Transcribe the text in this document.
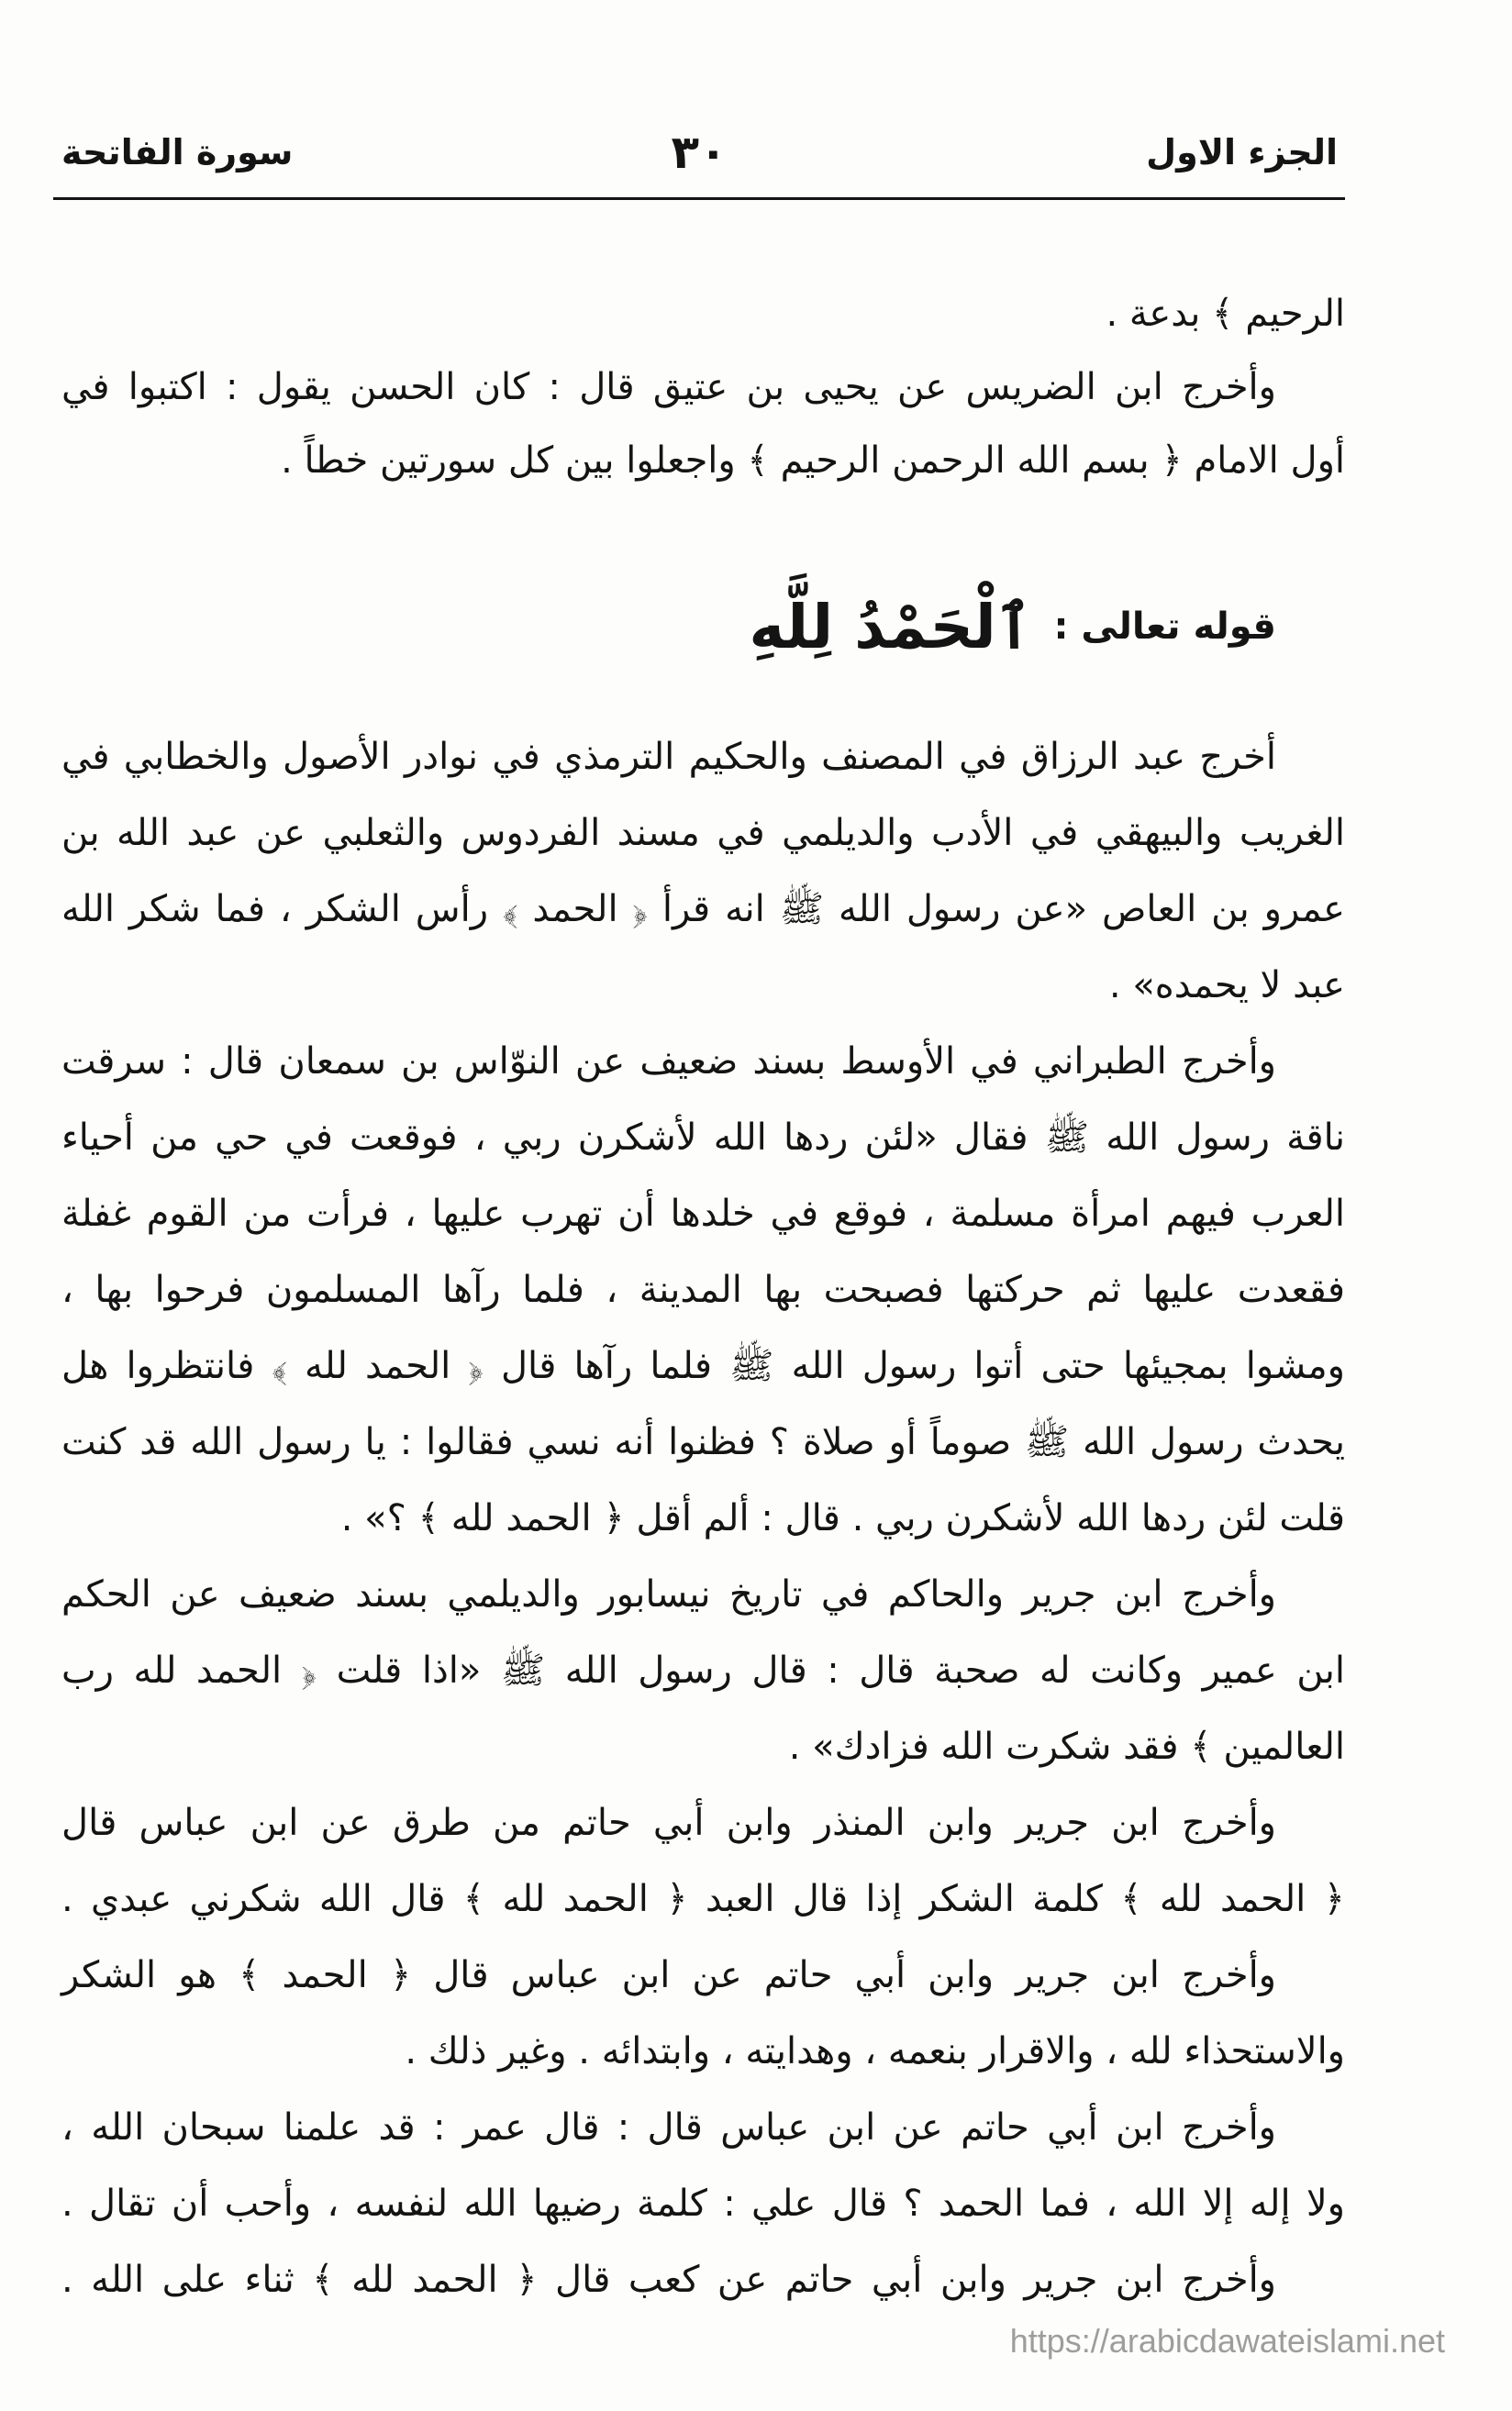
الجزء الاول
٣٠
سورة الفاتحة
الرحيم ﴾ بدعة .
وأخرج ابن الضريس عن يحيى بن عتيق قال : كان الحسن يقول : اكتبوا في
أول الامام ﴿ بسم الله الرحمن الرحيم ﴾ واجعلوا بين كل سورتين خطاً .
قوله تعالى :
ٱلْحَمْدُ لِلَّهِ
أخرج عبد الرزاق في المصنف والحكيم الترمذي في نوادر الأصول والخطابي في
الغريب والبيهقي في الأدب والديلمي في مسند الفردوس والثعلبي عن عبد الله بن
عمرو بن العاص «عن رسول الله ﷺ انه قرأ ﴿ الحمد ﴾ رأس الشكر ، فما شكر الله
عبد لا يحمده» .
وأخرج الطبراني في الأوسط بسند ضعيف عن النوّاس بن سمعان قال : سرقت
ناقة رسول الله ﷺ فقال «لئن ردها الله لأشكرن ربي ، فوقعت في حي من أحياء
العرب فيهم امرأة مسلمة ، فوقع في خلدها أن تهرب عليها ، فرأت من القوم غفلة
فقعدت عليها ثم حركتها فصبحت بها المدينة ، فلما رآها المسلمون فرحوا بها ،
ومشوا بمجيئها حتى أتوا رسول الله ﷺ فلما رآها قال ﴿ الحمد لله ﴾ فانتظروا هل
يحدث رسول الله ﷺ صوماً أو صلاة ؟ فظنوا أنه نسي فقالوا : يا رسول الله قد كنت
قلت لئن ردها الله لأشكرن ربي . قال : ألم أقل ﴿ الحمد لله ﴾ ؟» .
وأخرج ابن جرير والحاكم في تاريخ نيسابور والديلمي بسند ضعيف عن الحكم
ابن عمير وكانت له صحبة قال : قال رسول الله ﷺ «اذا قلت ﴿ الحمد لله رب
العالمين ﴾ فقد شكرت الله فزادك» .
وأخرج ابن جرير وابن المنذر وابن أبي حاتم من طرق عن ابن عباس قال
﴿ الحمد لله ﴾ كلمة الشكر إذا قال العبد ﴿ الحمد لله ﴾ قال الله شكرني عبدي .
وأخرج ابن جرير وابن أبي حاتم عن ابن عباس قال ﴿ الحمد ﴾ هو الشكر
والاستحذاء لله ، والاقرار بنعمه ، وهدايته ، وابتدائه . وغير ذلك .
وأخرج ابن أبي حاتم عن ابن عباس قال : قال عمر : قد علمنا سبحان الله ،
ولا إله إلا الله ، فما الحمد ؟ قال علي : كلمة رضيها الله لنفسه ، وأحب أن تقال .
وأخرج ابن جرير وابن أبي حاتم عن كعب قال ﴿ الحمد لله ﴾ ثناء على الله .
https://arabicdawateislami.net
